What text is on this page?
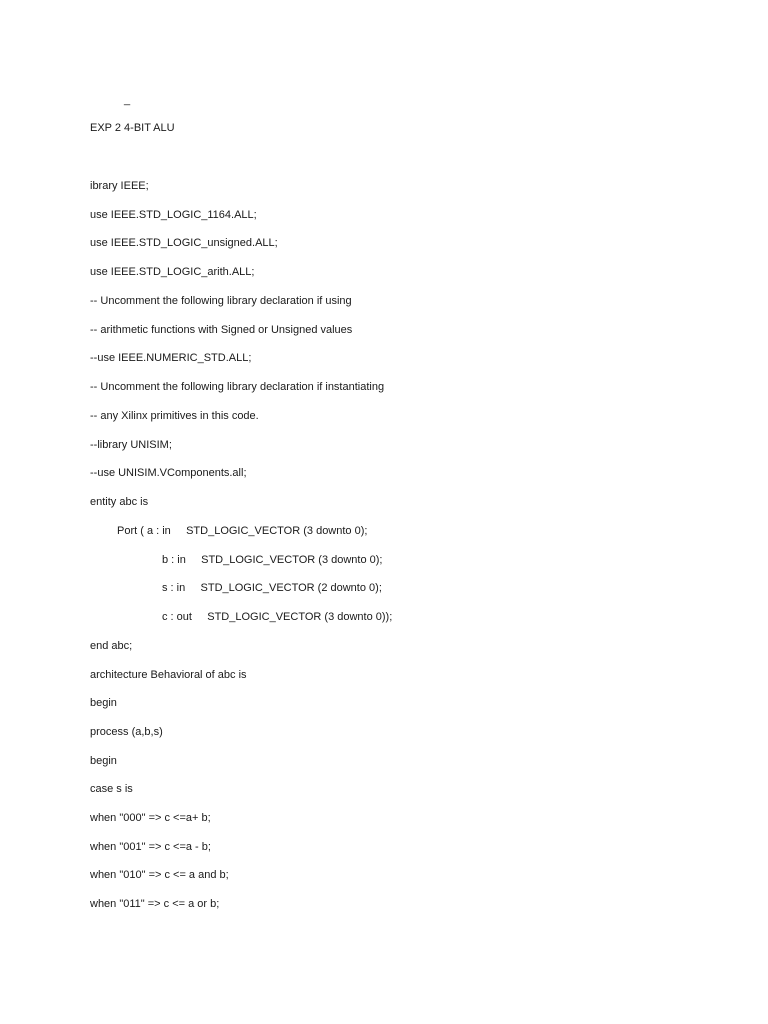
_
EXP 2 4-BIT ALU
ibrary IEEE;
use IEEE.STD_LOGIC_1164.ALL;
use IEEE.STD_LOGIC_unsigned.ALL;
use IEEE.STD_LOGIC_arith.ALL;
-- Uncomment the following library declaration if using
-- arithmetic functions with Signed or Unsigned values
--use IEEE.NUMERIC_STD.ALL;
-- Uncomment the following library declaration if instantiating
-- any Xilinx primitives in this code.
--library UNISIM;
--use UNISIM.VComponents.all;
entity abc is
Port ( a : in     STD_LOGIC_VECTOR (3 downto 0);
b : in     STD_LOGIC_VECTOR (3 downto 0);
s : in     STD_LOGIC_VECTOR (2 downto 0);
c : out     STD_LOGIC_VECTOR (3 downto 0));
end abc;
architecture Behavioral of abc is
begin
process (a,b,s)
begin
case s is
when "000" => c <=a+ b;
when "001" => c <=a - b;
when "010" => c <= a and b;
when "011" => c <= a or b;
